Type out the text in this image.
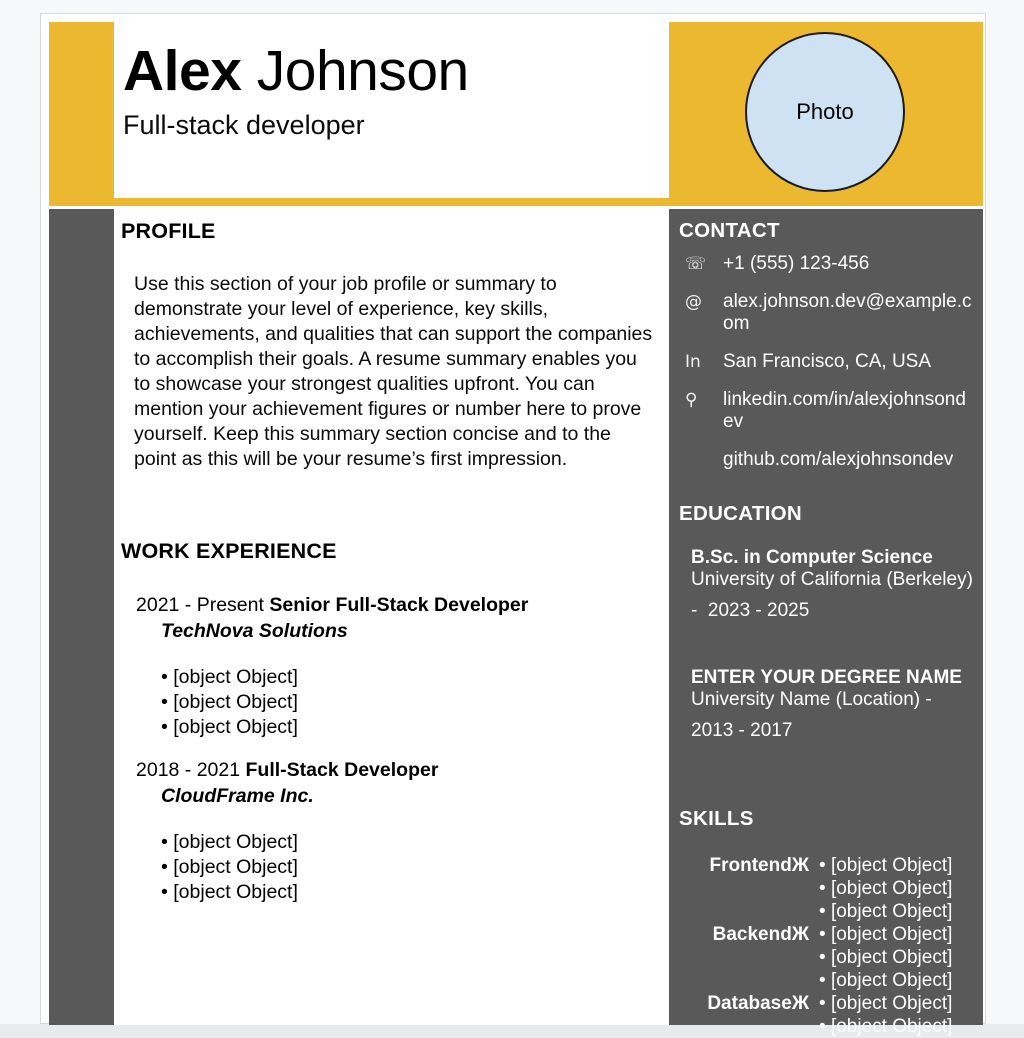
Alex Johnson
Full-stack developer	Photo
PROFILE

Use this section of your job profile or summary to demonstrate your level of experience, key skills, achievements, and qualities that can support the companies to accomplish their goals. A resume summary enables you to showcase your strongest qualities upfront. You can mention your achievement figures or number here to prove yourself. Keep this summary section concise and to the point as this will be your resume’s first impression.

WORK EXPERIENCE
2021 - Present Senior Full-Stack Developer
TechNova Solutions
• [object Object]
• [object Object]
• [object Object]
2018 - 2021 Full-Stack Developer
CloudFrame Inc.
• [object Object]
• [object Object]
• [object Object]
CONTACT
☏ +1 (555) 123-456
@	alex.johnson.dev@example.com
In	San Francisco, CA, USA
⚲	linkedin.com/in/alexjohnsondev
github.com/alexjohnsondev
EDUCATION
B.Sc. in Computer Science
University of California (Berkeley)
-  2023 - 2025
ENTER YOUR DEGREE NAME
University Name (Location) -
2013 - 2017
SKILLS
FrontendЖ • [object Object]
• [object Object]
• [object Object]
BackendЖ • [object Object]
• [object Object]
• [object Object]
DatabaseЖ • [object Object]
• [object Object]
